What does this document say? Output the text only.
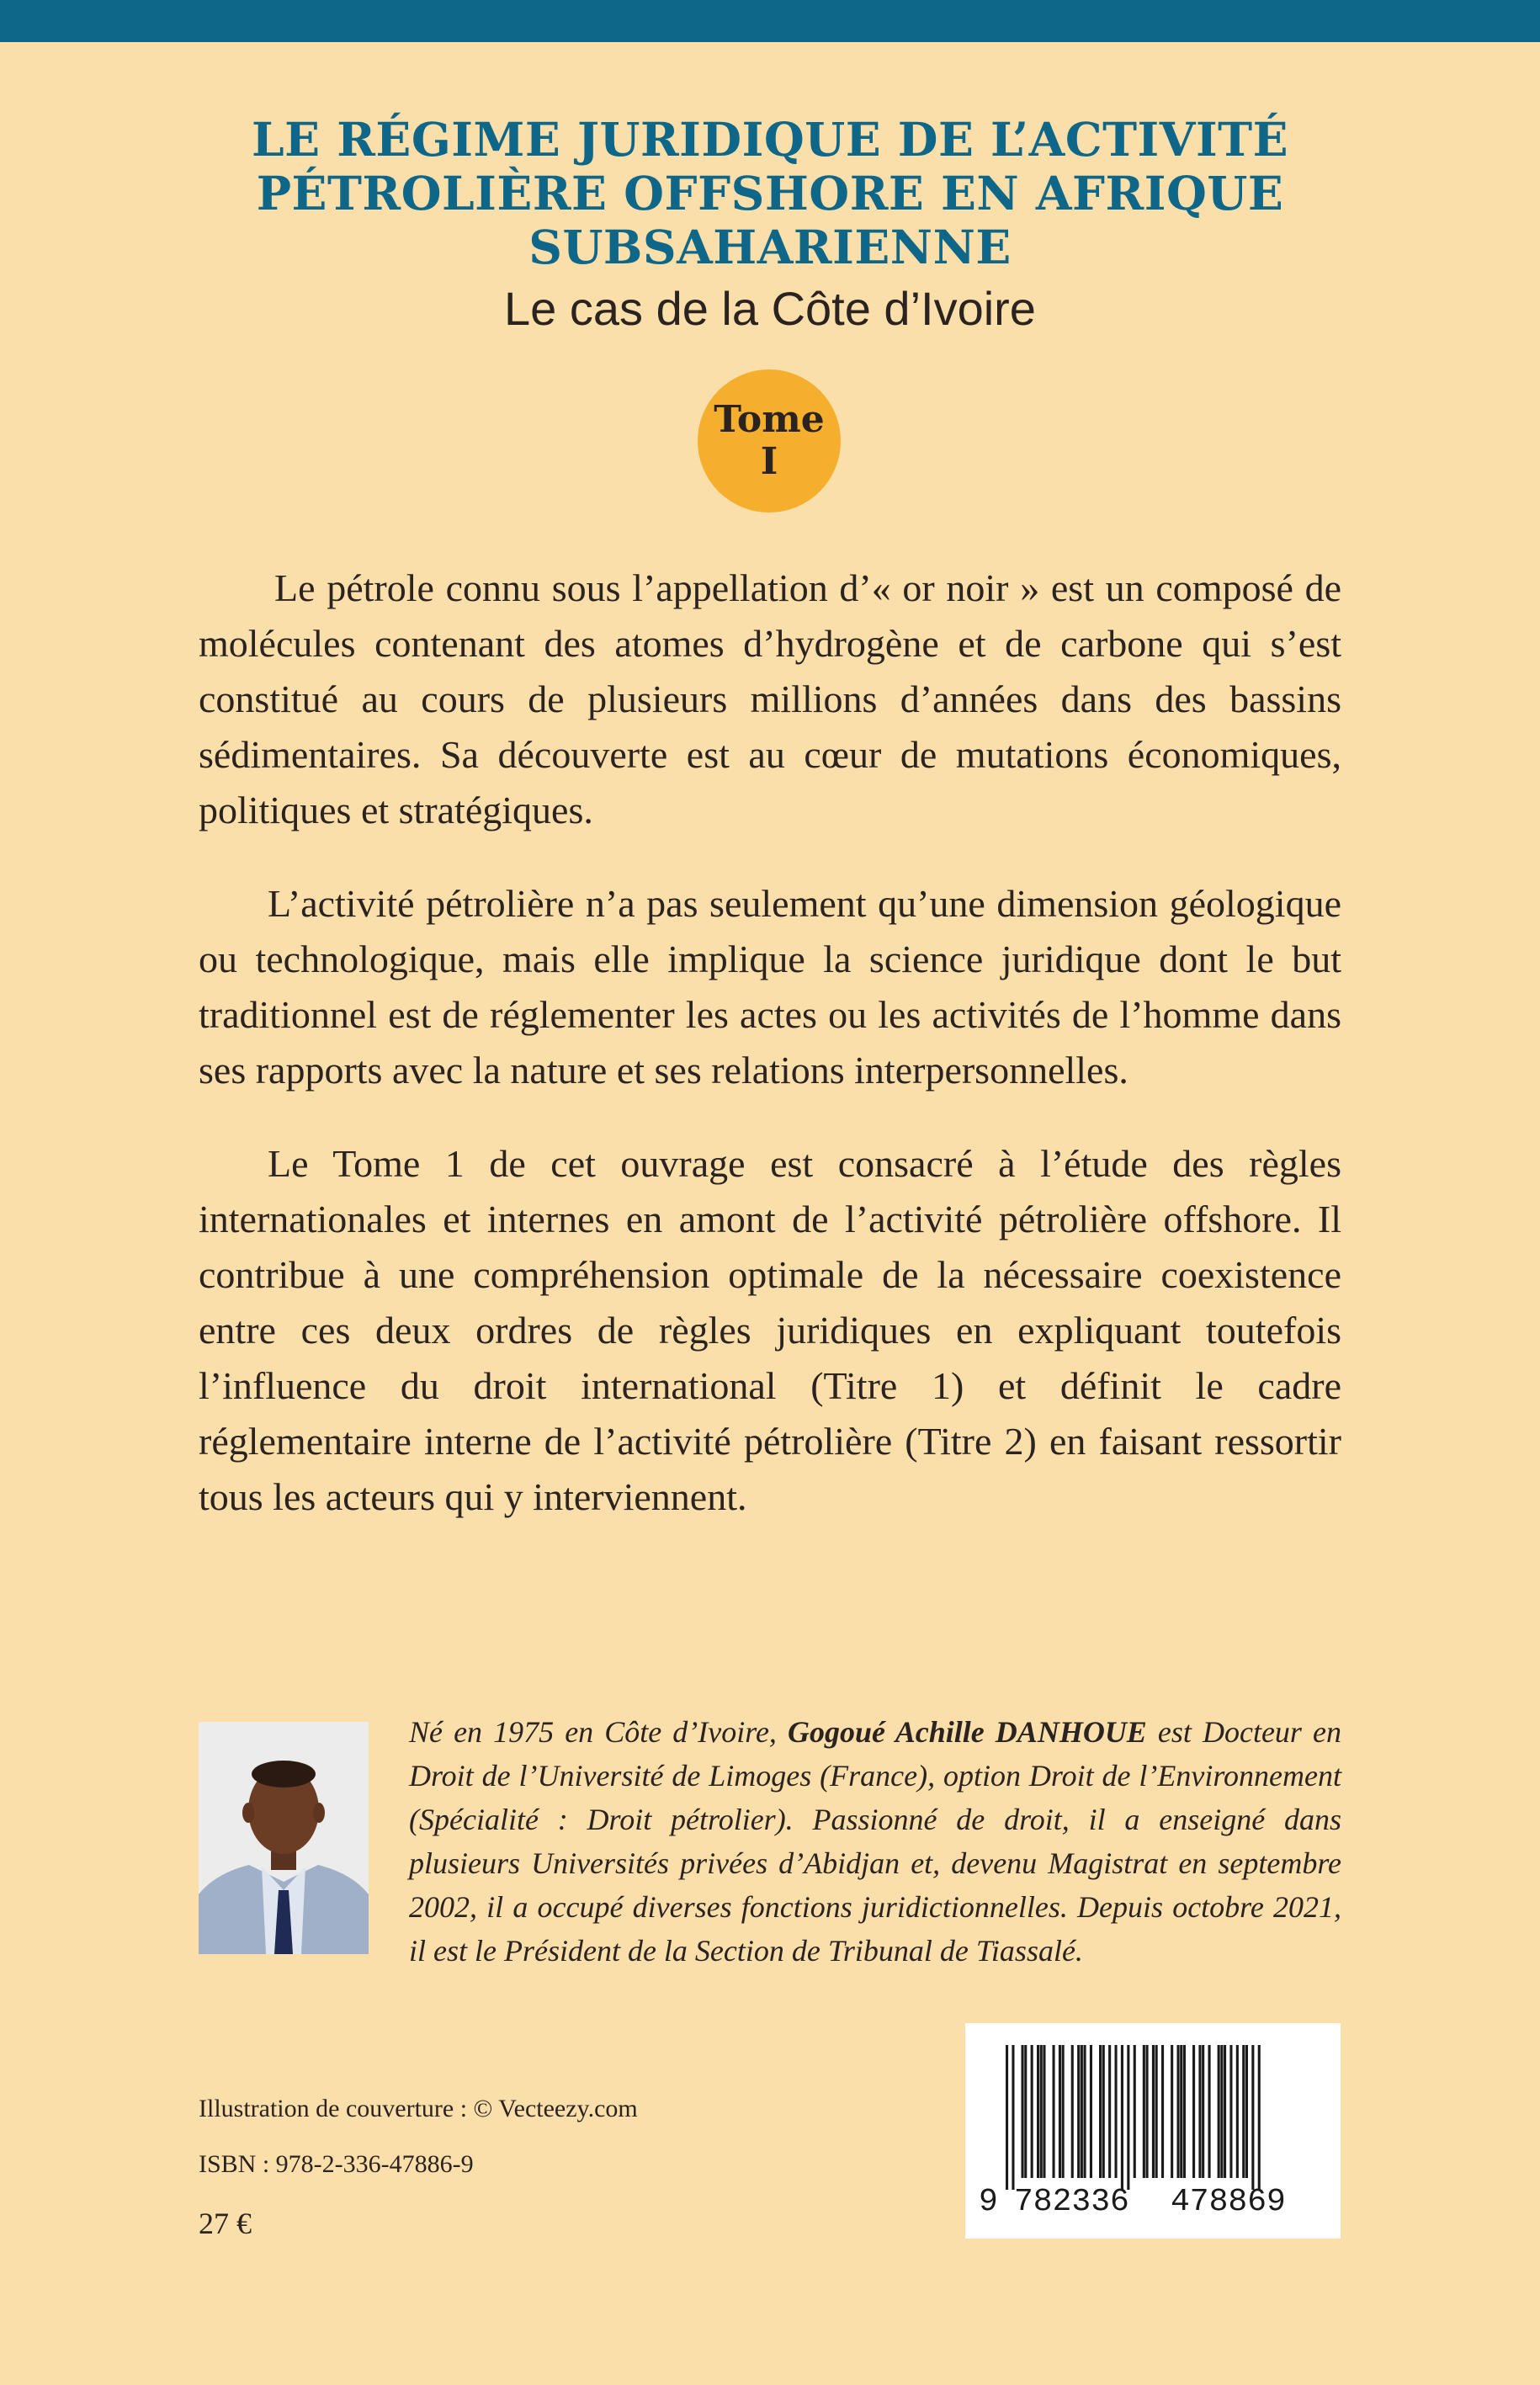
LE RÉGIME JURIDIQUE DE L’ACTIVITÉ
PÉTROLIÈRE OFFSHORE EN AFRIQUE
SUBSAHARIENNE

Le cas de la Côte d’Ivoire

Tome
I

Le pétrole connu sous l’appellation d’« or noir » est un composé de molécules contenant des atomes d’hydrogène et de carbone qui s’est constitué au cours de plusieurs millions d’années dans des bassins sédimentaires. Sa découverte est au cœur de mutations économiques, politiques et stratégiques.

L’activité pétrolière n’a pas seulement qu’une dimension géologique ou technologique, mais elle implique la science juridique dont le but traditionnel est de réglementer les actes ou les activités de l’homme dans ses rapports avec la nature et ses relations interpersonnelles.

Le Tome 1 de cet ouvrage est consacré à l’étude des règles internationales et internes en amont de l’activité pétrolière offshore. Il contribue à une compréhension optimale de la nécessaire coexistence entre ces deux ordres de règles juridiques en expliquant toutefois l’influence du droit international (Titre 1) et définit le cadre réglementaire interne de l’activité pétrolière (Titre 2) en faisant ressortir tous les acteurs qui y interviennent.

Né en 1975 en Côte d’Ivoire, Gogoué Achille DANHOUE est Docteur en Droit de l’Université de Limoges (France), option Droit de l’Environnement (Spécialité : Droit pétrolier). Passionné de droit, il a enseigné dans plusieurs Universités privées d’Abidjan et, devenu Magistrat en septembre 2002, il a occupé diverses fonctions juridictionnelles. Depuis octobre 2021, il est le Président de la Section de Tribunal de Tiassalé.

Illustration de couverture : © Vecteezy.com

ISBN : 978-2-336-47886-9

27 €

9 782336 478869
